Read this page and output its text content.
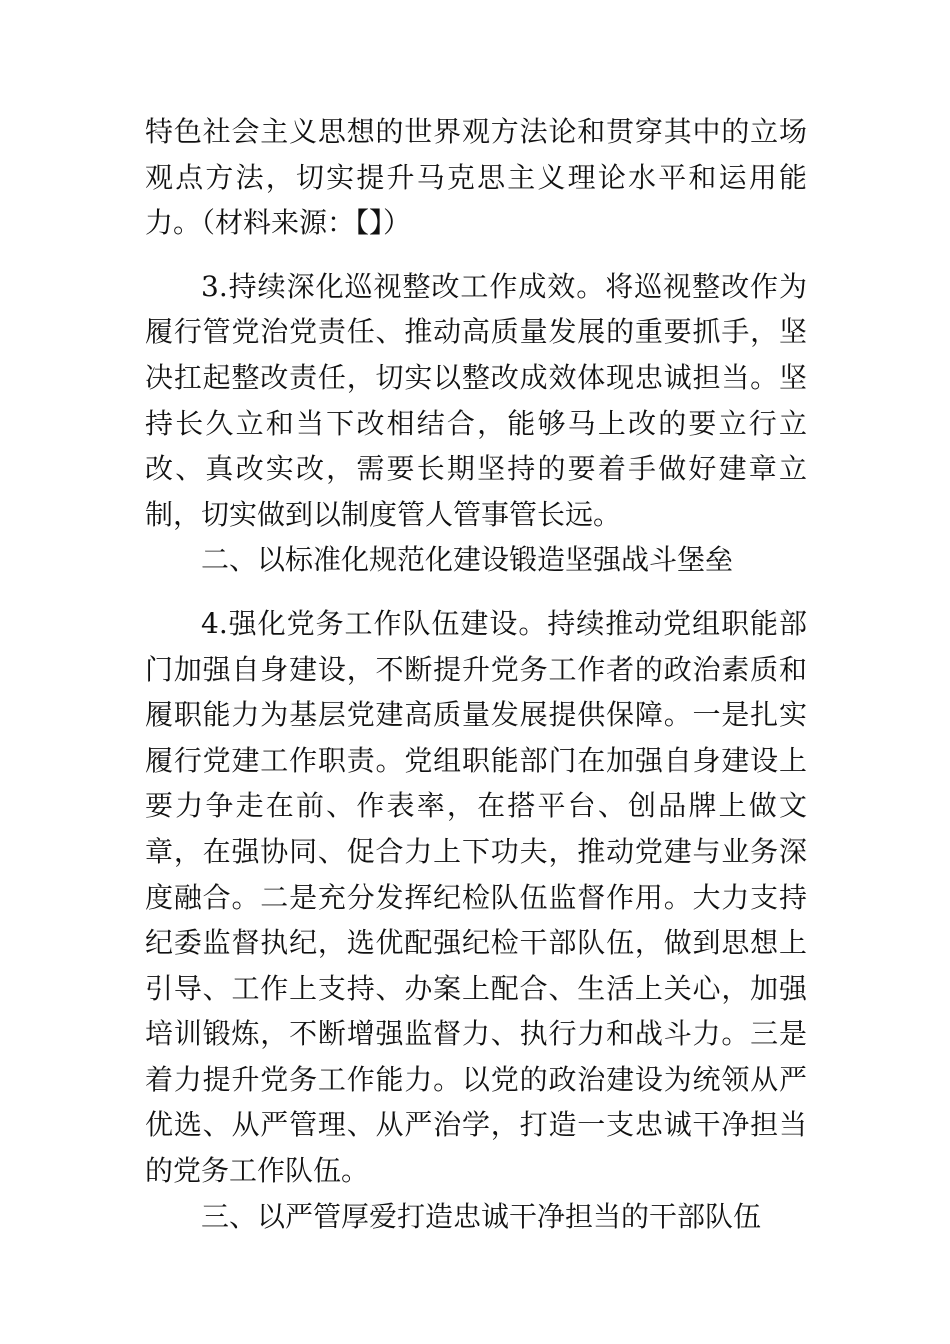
特色社会主义思想的世界观方法论和贯穿其中的立场观点方法，切实提升马克思主义理论水平和运用能力。（材料来源：【】）

3.持续深化巡视整改工作成效。将巡视整改作为履行管党治党责任、推动高质量发展的重要抓手，坚决扛起整改责任，切实以整改成效体现忠诚担当。坚持长久立和当下改相结合，能够马上改的要立行立改、真改实改，需要长期坚持的要着手做好建章立制，切实做到以制度管人管事管长远。

二、以标准化规范化建设锻造坚强战斗堡垒

4.强化党务工作队伍建设。持续推动党组职能部门加强自身建设，不断提升党务工作者的政治素质和履职能力为基层党建高质量发展提供保障。一是扎实履行党建工作职责。党组职能部门在加强自身建设上要力争走在前、作表率，在搭平台、创品牌上做文章，在强协同、促合力上下功夫，推动党建与业务深度融合。二是充分发挥纪检队伍监督作用。大力支持纪委监督执纪，选优配强纪检干部队伍，做到思想上引导、工作上支持、办案上配合、生活上关心，加强培训锻炼，不断增强监督力、执行力和战斗力。三是着力提升党务工作能力。以党的政治建设为统领从严优选、从严管理、从严治学，打造一支忠诚干净担当的党务工作队伍。

三、以严管厚爱打造忠诚干净担当的干部队伍
